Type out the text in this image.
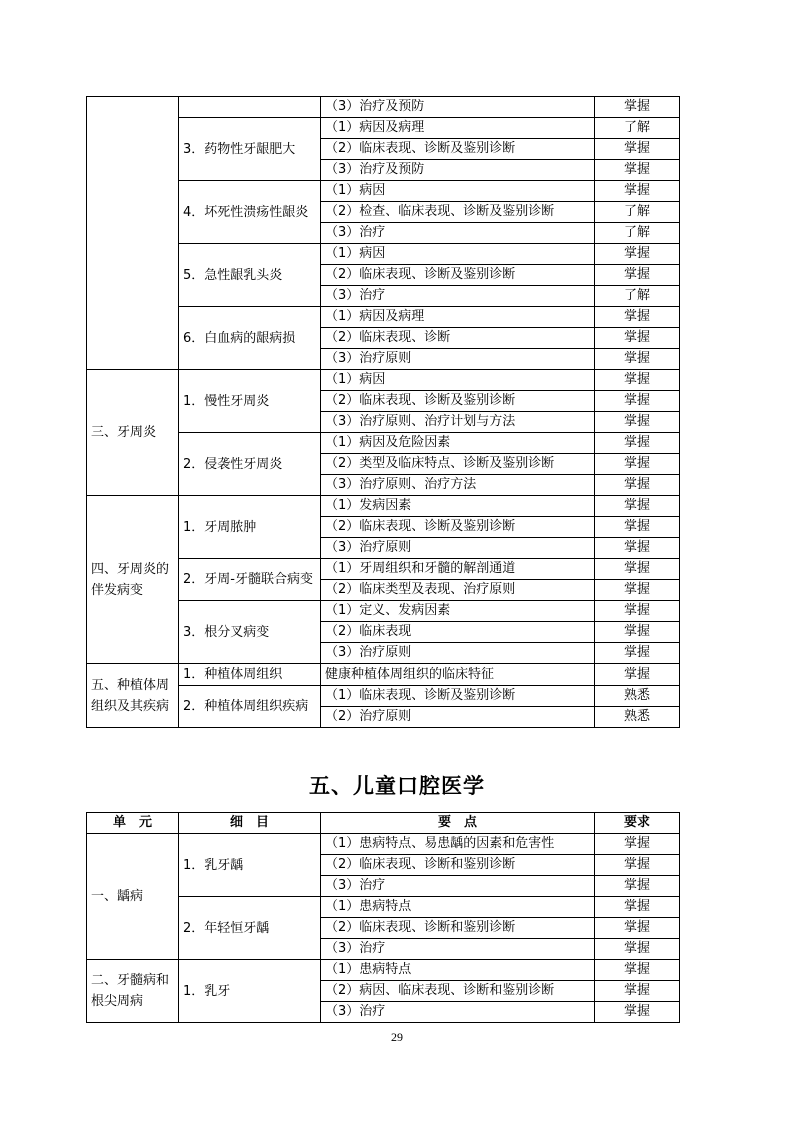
		（3）治疗及预防	掌握
	3．药物性牙龈肥大	（1）病因及病理	了解
		（2）临床表现、诊断及鉴别诊断	掌握
		（3）治疗及预防	掌握
	4．坏死性溃疡性龈炎	（1）病因	掌握
		（2）检查、临床表现、诊断及鉴别诊断	了解
		（3）治疗	了解
	5．急性龈乳头炎	（1）病因	掌握
		（2）临床表现、诊断及鉴别诊断	掌握
		（3）治疗	了解
	6．白血病的龈病损	（1）病因及病理	掌握
		（2）临床表现、诊断	掌握
		（3）治疗原则	掌握
三、牙周炎	1．慢性牙周炎	（1）病因	掌握
		（2）临床表现、诊断及鉴别诊断	掌握
		（3）治疗原则、治疗计划与方法	掌握
	2．侵袭性牙周炎	（1）病因及危险因素	掌握
		（2）类型及临床特点、诊断及鉴别诊断	掌握
		（3）治疗原则、治疗方法	掌握
四、牙周炎的伴发病变	1．牙周脓肿	（1）发病因素	掌握
		（2）临床表现、诊断及鉴别诊断	掌握
		（3）治疗原则	掌握
	2．牙周-牙髓联合病变	（1）牙周组织和牙髓的解剖通道	掌握
		（2）临床类型及表现、治疗原则	掌握
	3．根分叉病变	（1）定义、发病因素	掌握
		（2）临床表现	掌握
		（3）治疗原则	掌握
五、种植体周组织及其疾病	1．种植体周组织	健康种植体周组织的临床特征	掌握
	2．种植体周组织疾病	（1）临床表现、诊断及鉴别诊断	熟悉
		（2）治疗原则	熟悉
五、儿童口腔医学
单　元	细　目	要　点	要求
一、龋病	1．乳牙龋	（1）患病特点、易患龋的因素和危害性	掌握
		（2）临床表现、诊断和鉴别诊断	掌握
		（3）治疗	掌握
	2．年轻恒牙龋	（1）患病特点	掌握
		（2）临床表现、诊断和鉴别诊断	掌握
		（3）治疗	掌握
二、牙髓病和根尖周病	1．乳牙	（1）患病特点	掌握
		（2）病因、临床表现、诊断和鉴别诊断	掌握
		（3）治疗	掌握
29
